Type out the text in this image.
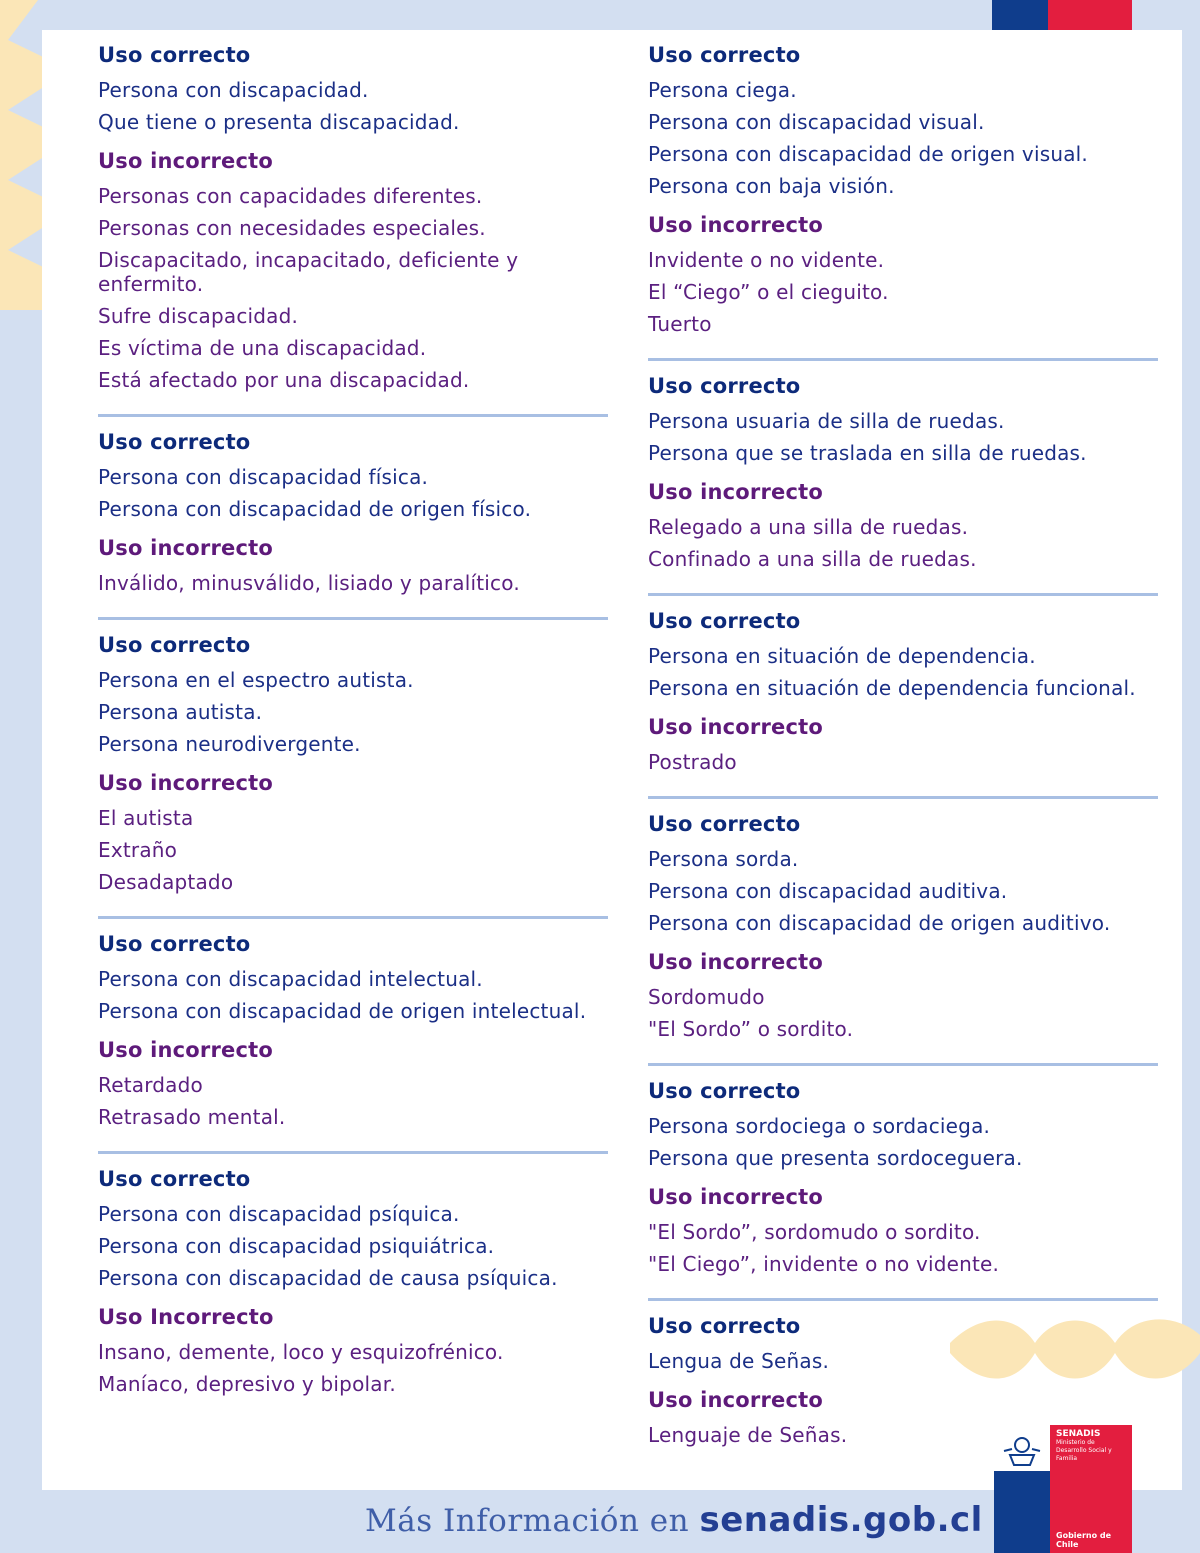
Uso correcto
Persona con discapacidad.
Que tiene o presenta discapacidad.
Uso incorrecto
Personas con capacidades diferentes.
Personas con necesidades especiales.
Discapacitado, incapacitado, deficiente y enfermito.
Sufre discapacidad.
Es víctima de una discapacidad.
Está afectado por una discapacidad.
Uso correcto
Persona con discapacidad física.
Persona con discapacidad de origen físico.
Uso incorrecto
Inválido, minusválido, lisiado y paralítico.
Uso correcto
Persona en el espectro autista.
Persona autista.
Persona neurodivergente.
Uso incorrecto
El autista
Extraño
Desadaptado
Uso correcto
Persona con discapacidad intelectual.
Persona con discapacidad de origen intelectual.
Uso incorrecto
Retardado
Retrasado mental.
Uso correcto
Persona con discapacidad psíquica.
Persona con discapacidad psiquiátrica.
Persona con discapacidad de causa psíquica.
Uso Incorrecto
Insano, demente, loco y esquizofrénico.
Maníaco, depresivo y bipolar.
Uso correcto
Persona ciega.
Persona con discapacidad visual.
Persona con discapacidad de origen visual.
Persona con baja visión.
Uso incorrecto
Invidente o no vidente.
El “Ciego” o el cieguito.
Tuerto
Uso correcto
Persona usuaria de silla de ruedas.
Persona que se traslada en silla de ruedas.
Uso incorrecto
Relegado a una silla de ruedas.
Confinado a una silla de ruedas.
Uso correcto
Persona en situación de dependencia.
Persona en situación de dependencia funcional.
Uso incorrecto
Postrado
Uso correcto
Persona sorda.
Persona con discapacidad auditiva.
Persona con discapacidad de origen auditivo.
Uso incorrecto
Sordomudo
"El Sordo” o sordito.
Uso correcto
Persona sordociega o sordaciega.
Persona que presenta sordoceguera.
Uso incorrecto
"El Sordo”, sordomudo o sordito.
"El Ciego”, invidente o no vidente.
Uso correcto
Lengua de Señas.
Uso incorrecto
Lenguaje de Señas.
Más Información en senadis.gob.cl
SENADIS
Ministerio de Desarrollo Social y Familia
Gobierno de Chile
